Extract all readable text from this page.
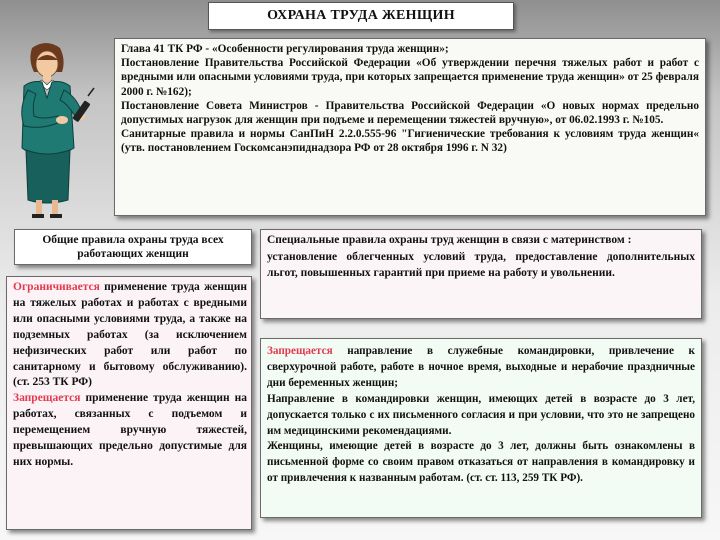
ОХРАНА ТРУДА ЖЕНЩИН

Глава 41 ТК РФ - «Особенности регулирования труда женщин»;

Постановление Правительства Российской Федерации «Об утверждении перечня тяжелых работ и работ с вредными или опасными условиями труда, при которых запрещается применение труда женщин» от 25 февраля 2000 г. №162);

Постановление Совета Министров - Правительства Российской Федерации «О новых нормах предельно допустимых нагрузок для женщин при подъеме и перемещении тяжестей вручную», от 06.02.1993 г. №105.

Санитарные правила и нормы СанПиН 2.2.0.555-96 "Гигиенические требования к условиям труда женщин« (утв. постановлением Госкомсанэпиднадзора РФ от 28 октября 1996 г. N 32)

Общие правила охраны труда всех работающих женщин

Ограничивается применение труда женщин на тяжелых работах и работах с вредными или опасными условиями труда, а также на подземных работах (за исключением нефизических работ или работ по санитарному и бытовому обслуживанию). (ст. 253 ТК РФ)

Запрещается применение труда женщин на работах, связанных с подъемом и перемещением вручную тяжестей, превышающих предельно допустимые для них нормы.

Специальные правила охраны труд женщин в связи с материнством :

установление облегченных условий труда, предоставление дополнительных льгот, повышенных гарантий при приеме на работу и увольнении.

Запрещается направление в служебные командировки, привлечение к сверхурочной работе, работе в ночное время, выходные и нерабочие праздничные дни беременных женщин;

Направление в командировки женщин, имеющих детей в возрасте до 3 лет, допускается только с их письменного согласия и при условии, что это не запрещено им медицинскими рекомендациями.

Женщины, имеющие детей в возрасте до 3 лет, должны быть ознакомлены в письменной форме со своим правом отказаться от направления в командировку и от привлечения к названным работам. (ст. ст. 113, 259 ТК РФ).
